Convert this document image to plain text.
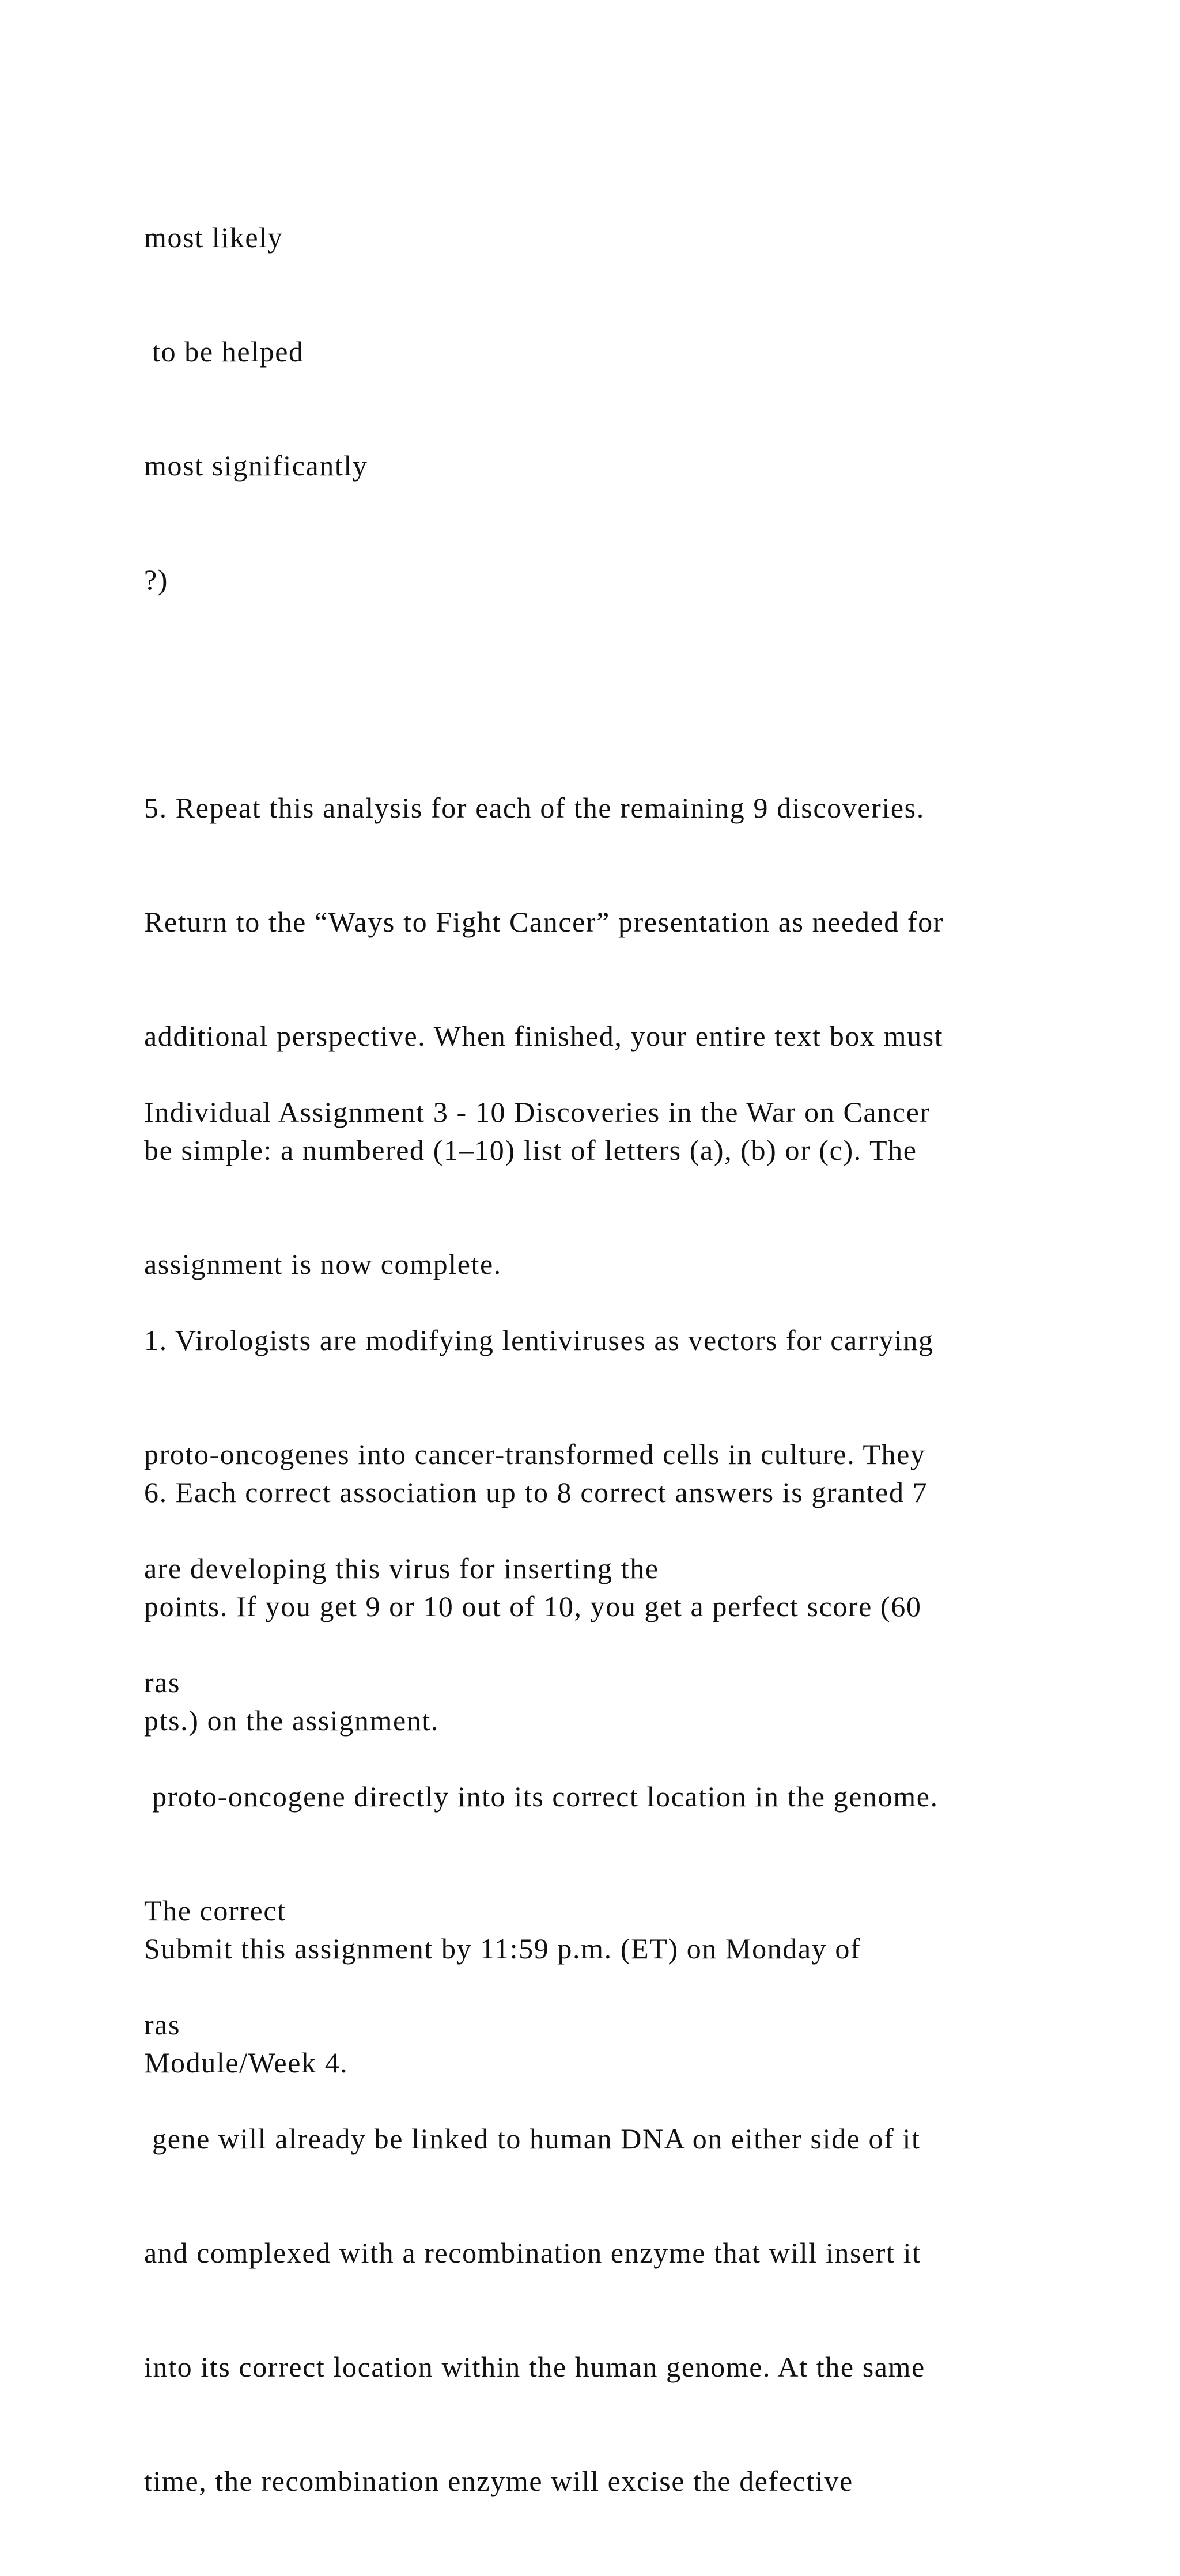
most likely

to be helped

most significantly

?)

5. Repeat this analysis for each of the remaining 9 discoveries.

Return to the “Ways to Fight Cancer” presentation as needed for

additional perspective. When finished, your entire text box must

be simple: a numbered (1–10) list of letters (a), (b) or (c). The

assignment is now complete.

6. Each correct association up to 8 correct answers is granted 7

points. If you get 9 or 10 out of 10, you get a perfect score (60

pts.) on the assignment.

Submit this assignment by 11:59 p.m. (ET) on Monday of

Module/Week 4.

Individual Assignment 3 - 10 Discoveries in the War on Cancer

1. Virologists are modifying lentiviruses as vectors for carrying

proto-oncogenes into cancer-transformed cells in culture. They

are developing this virus for inserting the

ras

proto-oncogene directly into its correct location in the genome.

The correct

ras

gene will already be linked to human DNA on either side of it

and complexed with a recombination enzyme that will insert it

into its correct location within the human genome. At the same

time, the recombination enzyme will excise the defective
